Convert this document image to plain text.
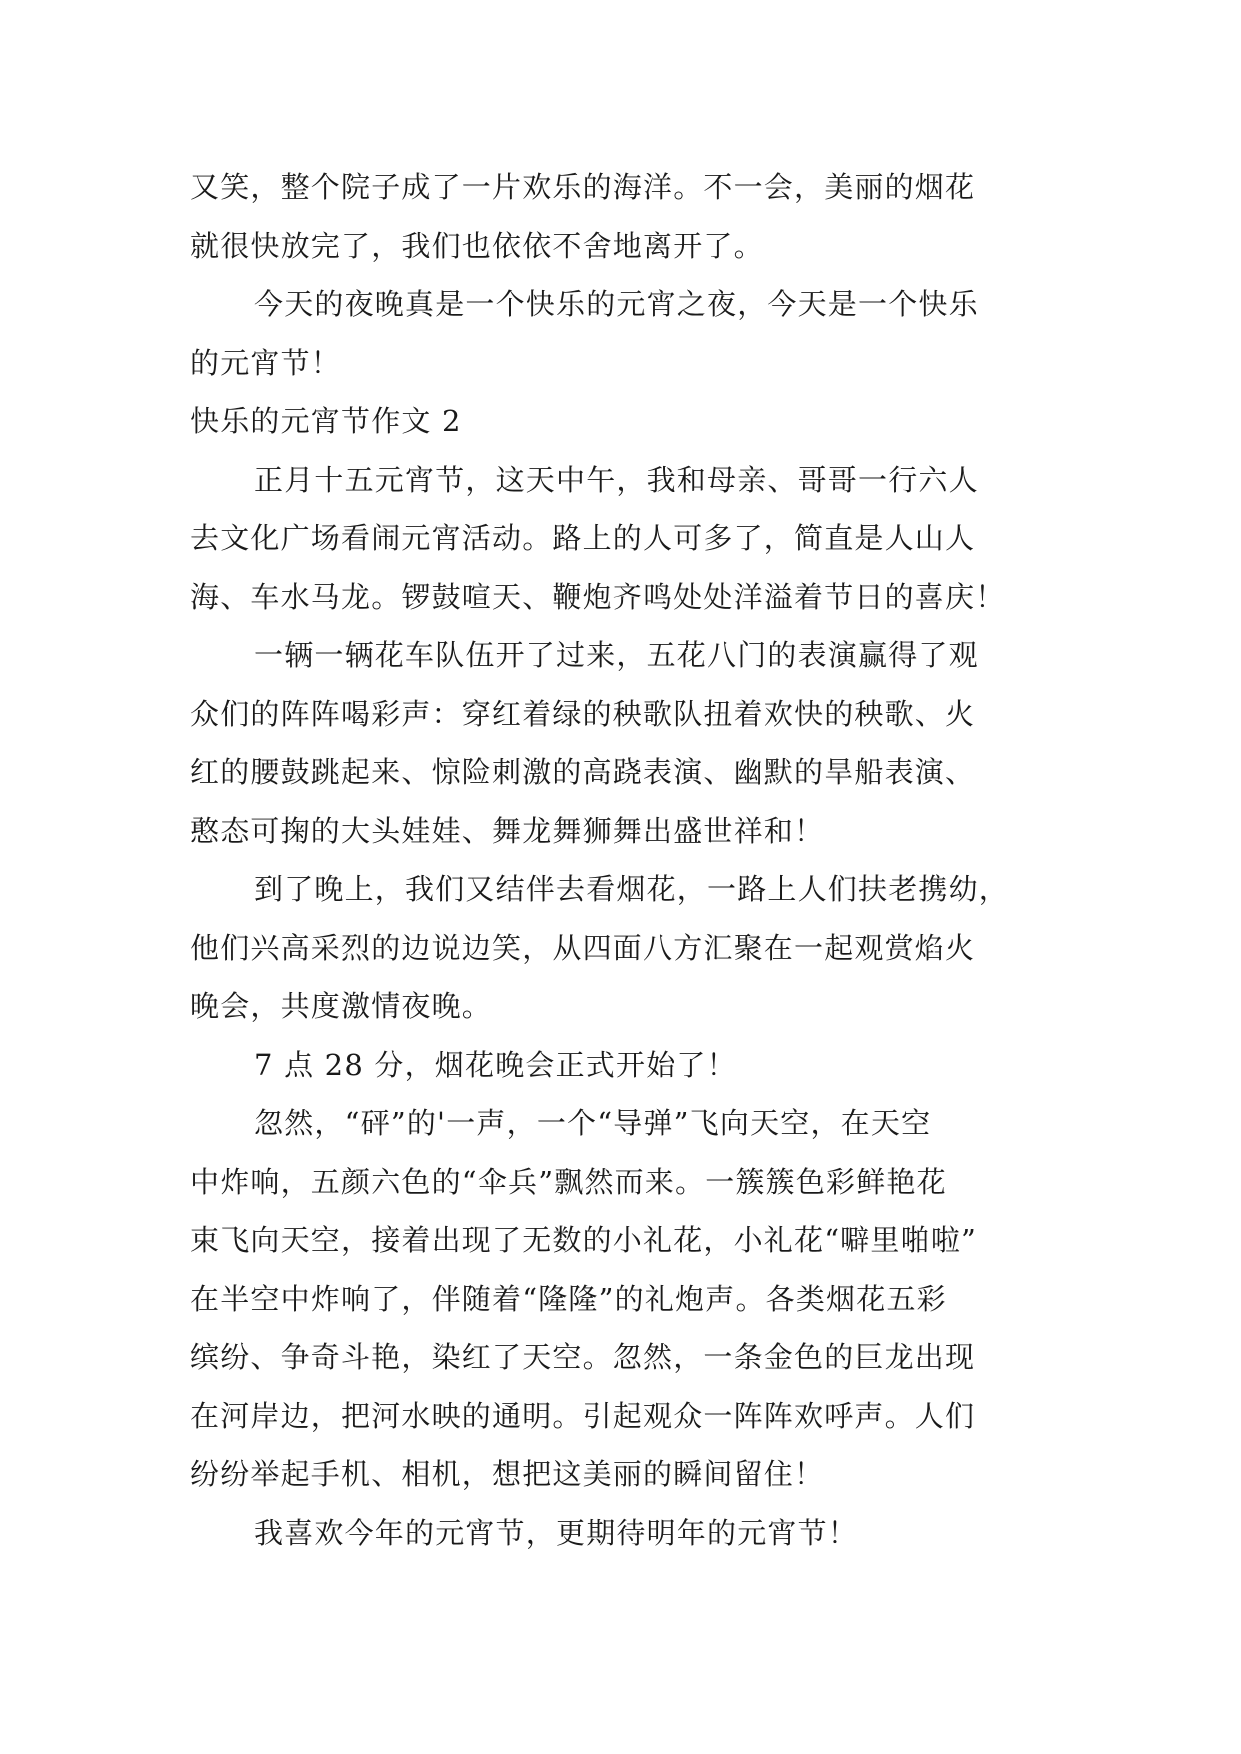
又笑，整个院子成了一片欢乐的海洋。不一会，美丽的烟花
就很快放完了，我们也依依不舍地离开了。

今天的夜晚真是一个快乐的元宵之夜，今天是一个快乐
的元宵节！

快乐的元宵节作文 2

正月十五元宵节，这天中午，我和母亲、哥哥一行六人
去文化广场看闹元宵活动。路上的人可多了，简直是人山人
海、车水马龙。锣鼓喧天、鞭炮齐鸣处处洋溢着节日的喜庆！

一辆一辆花车队伍开了过来，五花八门的表演赢得了观
众们的阵阵喝彩声：穿红着绿的秧歌队扭着欢快的秧歌、火
红的腰鼓跳起来、惊险刺激的高跷表演、幽默的旱船表演、
憨态可掬的大头娃娃、舞龙舞狮舞出盛世祥和！

到了晚上，我们又结伴去看烟花，一路上人们扶老携幼，
他们兴高采烈的边说边笑，从四面八方汇聚在一起观赏焰火
晚会，共度激情夜晚。

7 点 28 分，烟花晚会正式开始了！

忽然，“砰”的'一声，一个“导弹”飞向天空，在天空
中炸响，五颜六色的“伞兵”飘然而来。一簇簇色彩鲜艳花
束飞向天空，接着出现了无数的小礼花，小礼花“噼里啪啦”
在半空中炸响了，伴随着“隆隆”的礼炮声。各类烟花五彩
缤纷、争奇斗艳，染红了天空。忽然，一条金色的巨龙出现
在河岸边，把河水映的通明。引起观众一阵阵欢呼声。人们
纷纷举起手机、相机，想把这美丽的瞬间留住！

我喜欢今年的元宵节，更期待明年的元宵节！
